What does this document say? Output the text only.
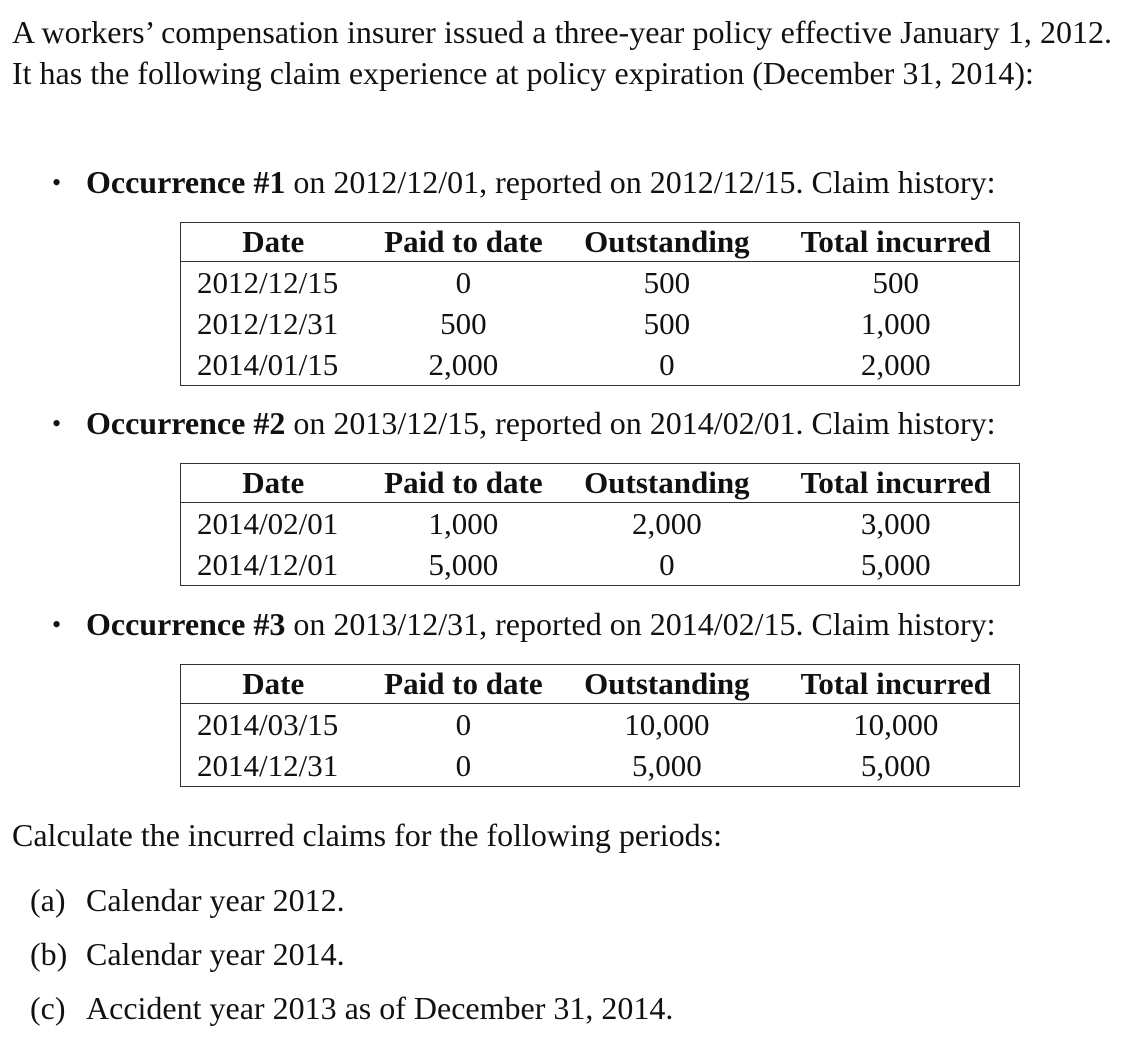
A workers’ compensation insurer issued a three-year policy effective January 1, 2012. It has the following claim experience at policy expiration (December 31, 2014):

• Occurrence #1 on 2012/12/01, reported on 2012/12/15. Claim history:
Date	Paid to date	Outstanding	Total incurred
2012/12/15	0	500	500
2012/12/31	500	500	1,000
2014/01/15	2,000	0	2,000
• Occurrence #2 on 2013/12/15, reported on 2014/02/01. Claim history:
Date	Paid to date	Outstanding	Total incurred
2014/02/01	1,000	2,000	3,000
2014/12/01	5,000	0	5,000
• Occurrence #3 on 2013/12/31, reported on 2014/02/15. Claim history:
Date	Paid to date	Outstanding	Total incurred
2014/03/15	0	10,000	10,000
2014/12/31	0	5,000	5,000
Calculate the incurred claims for the following periods:
(a) Calendar year 2012.
(b) Calendar year 2014.
(c) Accident year 2013 as of December 31, 2014.
